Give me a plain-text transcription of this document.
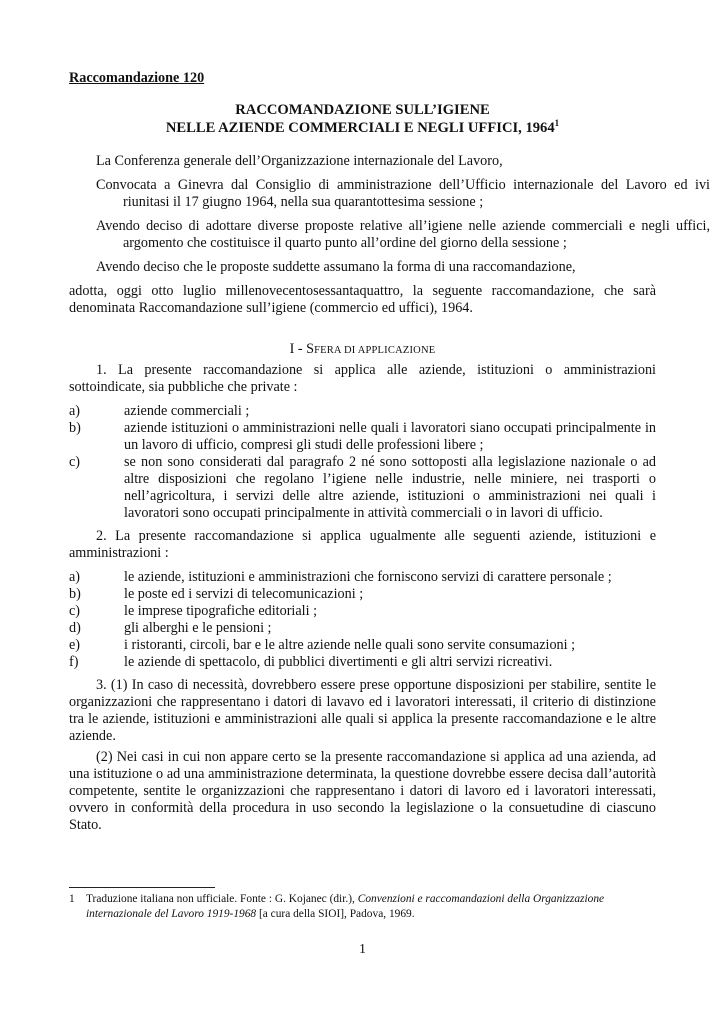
Raccomandazione 120
RACCOMANDAZIONE SULL’IGIENE
NELLE AZIENDE COMMERCIALI E NEGLI UFFICI, 1964$^1$
La Conferenza generale dell’Organizzazione internazionale del Lavoro,
Convocata a Ginevra dal Consiglio di amministrazione dell’Ufficio internazionale del Lavoro ed ivi riunitasi il 17 giugno 1964, nella sua quarantottesima sessione ;
Avendo deciso di adottare diverse proposte relative all’igiene nelle aziende commerciali e negli uffici, argomento che costituisce il quarto punto all’ordine del giorno della sessione ;
Avendo deciso che le proposte suddette assumano la forma di una raccomandazione,
adotta, oggi otto luglio millenovecentosessantaquattro, la seguente raccomandazione, che sarà denominata Raccomandazione sull’igiene (commercio ed uffici), 1964.
I - SFERA DI APPLICAZIONE
1. La presente raccomandazione si applica alle aziende, istituzioni o amministrazioni sottoindicate, sia pubbliche che private :
a)	aziende commerciali ;
b)	aziende istituzioni o amministrazioni nelle quali i lavoratori siano occupati principalmente in un lavoro di ufficio, compresi gli studi delle professioni libere ;
c)	se non sono considerati dal paragrafo 2 né sono sottoposti alla legislazione nazionale o ad altre disposizioni che regolano l’igiene nelle industrie, nelle miniere, nei trasporti o nell’agricoltura, i servizi delle altre aziende, istituzioni o amministrazioni nei quali i lavoratori sono occupati principalmente in attività commerciali o in lavori di ufficio.
2. La presente raccomandazione si applica ugualmente alle seguenti aziende, istituzioni e amministrazioni :
a)	le aziende, istituzioni e amministrazioni che forniscono servizi di carattere personale ;
b)	le poste ed i servizi di telecomunicazioni ;
c)	le imprese tipografiche editoriali ;
d)	gli alberghi e le pensioni ;
e)	i ristoranti, circoli, bar e le altre aziende nelle quali sono servite consumazioni ;
f)	le aziende di spettacolo, di pubblici divertimenti e gli altri servizi ricreativi.
3. (1) In caso di necessità, dovrebbero essere prese opportune disposizioni per stabilire, sentite le organizzazioni che rappresentano i datori di lavavo ed i lavoratori interessati, il criterio di distinzione tra le aziende, istituzioni e amministrazioni alle quali si applica la presente raccomandazione e le altre aziende.
(2) Nei casi in cui non appare certo se la presente raccomandazione si applica ad una azienda, ad una istituzione o ad una amministrazione determinata, la questione dovrebbe essere decisa dall’autorità competente, sentite le organizzazioni che rappresentano i datori di lavoro ed i lavoratori interessati, ovvero in conformità della procedura in uso secondo la legislazione o la consuetudine di ciascuno Stato.
1 Traduzione italiana non ufficiale. Fonte : G. Kojanec (dir.), Convenzioni e raccomandazioni della Organizzazione internazionale del Lavoro 1919-1968 [a cura della SIOI], Padova, 1969.
1
